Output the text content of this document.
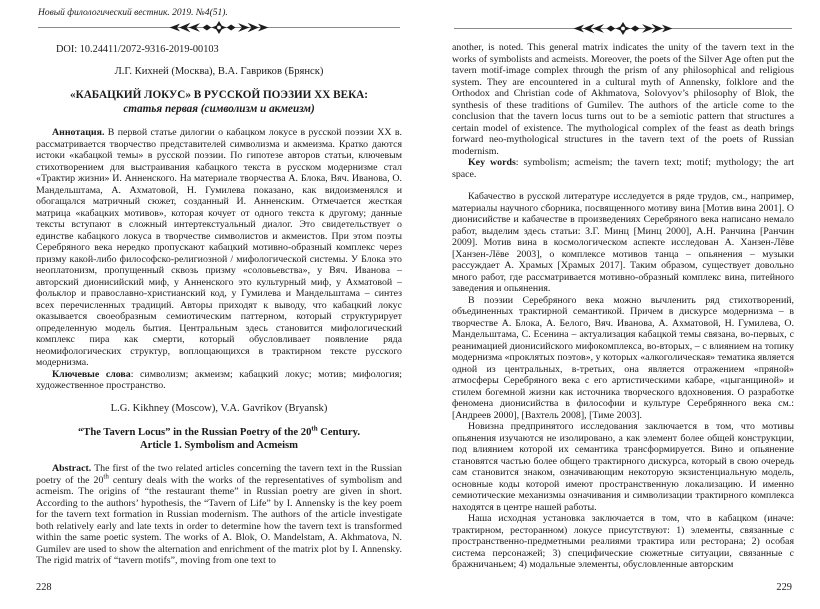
Новый филологический вестник. 2019. №4(51).
DOI: 10.24411/2072-9316-2019-00103
Л.Г. Кихней (Москва), В.А. Гавриков (Брянск)
«КАБАЦКИЙ ЛОКУС» В РУССКОЙ ПОЭЗИИ XX ВЕКА:
статья первая (символизм и акмеизм)

Аннотация. В первой статье дилогии о кабацком локусе в русской поэзии XX в. рассматривается творчество представителей символизма и акмеизма. Кратко даются истоки «кабацкой темы» в русской поэзии. По гипотезе авторов статьи, ключевым стихотворением для выстраивания кабацкого текста в русском модернизме стал «Трактир жизни» И. Анненского. На материале творчества А. Блока, Вяч. Иванова, О. Мандельштама, А. Ахматовой, Н. Гумилева показано, как видоизменялся и обогащался матричный сюжет, созданный И. Анненским. Отмечается жесткая матрица «кабацких мотивов», которая кочует от одного текста к другому; данные тексты вступают в сложный интертекстуальный диалог. Это свидетельствует о единстве кабацкого локуса в творчестве символистов и акмеистов. При этом поэты Серебряного века нередко пропускают кабацкий мотивно-образный комплекс через призму какой-либо философско-религиозной / мифологической системы. У Блока это неоплатонизм, пропущенный сквозь призму «соловьевства», у Вяч. Иванова – авторский дионисийский миф, у Анненского это культурный миф, у Ахматовой – фольклор и православно-христианский код, у Гумилева и Мандельштама – синтез всех перечисленных традиций. Авторы приходят к выводу, что кабацкий локус оказывается своеобразным семиотическим паттерном, который структурирует определенную модель бытия. Центральным здесь становится мифологический комплекс пира как смерти, который обусловливает появление ряда неомифологических структур, воплощающихся в трактирном тексте русского модернизма.

Ключевые слова: символизм; акмеизм; кабацкий локус; мотив; мифология; художественное пространство.

L.G. Kikhney (Moscow), V.A. Gavrikov (Bryansk)
“The Tavern Locus” in the Russian Poetry of the 20th Century.
Article 1. Symbolism and Acmeism

Abstract. The first of the two related articles concerning the tavern text in the Russian poetry of the 20th century deals with the works of the representatives of symbolism and acmeism. The origins of “the restaurant theme” in Russian poetry are given in short. According to the authors’ hypothesis, the “Tavern of Life” by I. Annensky is the key poem for the tavern text formation in Russian modernism. The authors of the article investigate both relatively early and late texts in order to determine how the tavern text is transformed within the same poetic system. The works of A. Blok, O. Mandelstam, A. Akhmatova, N. Gumilev are used to show the alternation and enrichment of the matrix plot by I. Annensky. The rigid matrix of “tavern motifs”, moving from one text to

228

another, is noted. This general matrix indicates the unity of the tavern text in the works of symbolists and acmeists. Moreover, the poets of the Silver Age often put the tavern motif-image complex through the prism of any philosophical and religious system. They are encountered in a cultural myth of Annensky, folklore and the Orthodox and Christian code of Akhmatova, Solovyov’s philosophy of Blok, the synthesis of these traditions of Gumilev. The authors of the article come to the conclusion that the tavern locus turns out to be a semiotic pattern that structures a certain model of existence. The mythological complex of the feast as death brings forward neo-mythological structures in the tavern text of the poets of Russian modernism.

Key words: symbolism; acmeism; the tavern text; motif; mythology; the art space.

Кабачество в русской литературе исследуется в ряде трудов, см., например, материалы научного сборника, посвященного мотиву вина [Мотив вина 2001]. О дионисийстве и кабачестве в произведениях Серебряного века написано немало работ, выделим здесь статьи: З.Г. Минц [Минц 2000], А.Н. Ранчина [Ранчин 2009]. Мотив вина в космологическом аспекте исследован А. Ханзен-Лёве [Ханзен-Лёве 2003], о комплексе мотивов танца – опьянения – музыки рассуждает А. Храмых [Храмых 2017]. Таким образом, существует довольно много работ, где рассматривается мотивно-образный комплекс вина, питейного заведения и опьянения.

В поэзии Серебряного века можно вычленить ряд стихотворений, объединенных трактирной семантикой. Причем в дискурсе модернизма – в творчестве А. Блока, А. Белого, Вяч. Иванова, А. Ахматовой, Н. Гумилева, О. Мандельштама, С. Есенина – актуализация кабацкой темы связана, во-первых, с реанимацией дионисийского мифокомплекса, во-вторых, – с влиянием на топику модернизма «проклятых поэтов», у которых «алкоголическая» тематика является одной из центральных, в-третьих, она является отражением «пряной» атмосферы Серебряного века с его артистическими кабаре, «цыганщиной» и стилем богемной жизни как источника творческого вдохновения. О разработке феномена дионисийства в философии и культуре Серебрянного века см.: [Андреев 2000], [Вахтель 2008], [Тиме 2003].

Новизна предпринятого исследования заключается в том, что мотивы опьянения изучаются не изолировано, а как элемент более общей конструкции, под влиянием которой их семантика трансформируется. Вино и опьянение становятся частью более общего трактирного дискурса, который в свою очередь сам становится знаком, означивающим некоторую экзистенциальную модель, основные коды которой имеют пространственную локализацию. И именно семиотические механизмы означивания и символизации трактирного комплекса находятся в центре нашей работы.

Наша исходная установка заключается в том, что в кабацком (иначе: трактирном, ресторанном) локусе присутствуют: 1) элементы, связанные с пространственно-предметными реалиями трактира или ресторана; 2) особая система персонажей; 3) специфические сюжетные ситуации, связанные с бражничаньем; 4) модальные элементы, обусловленные авторским

229
